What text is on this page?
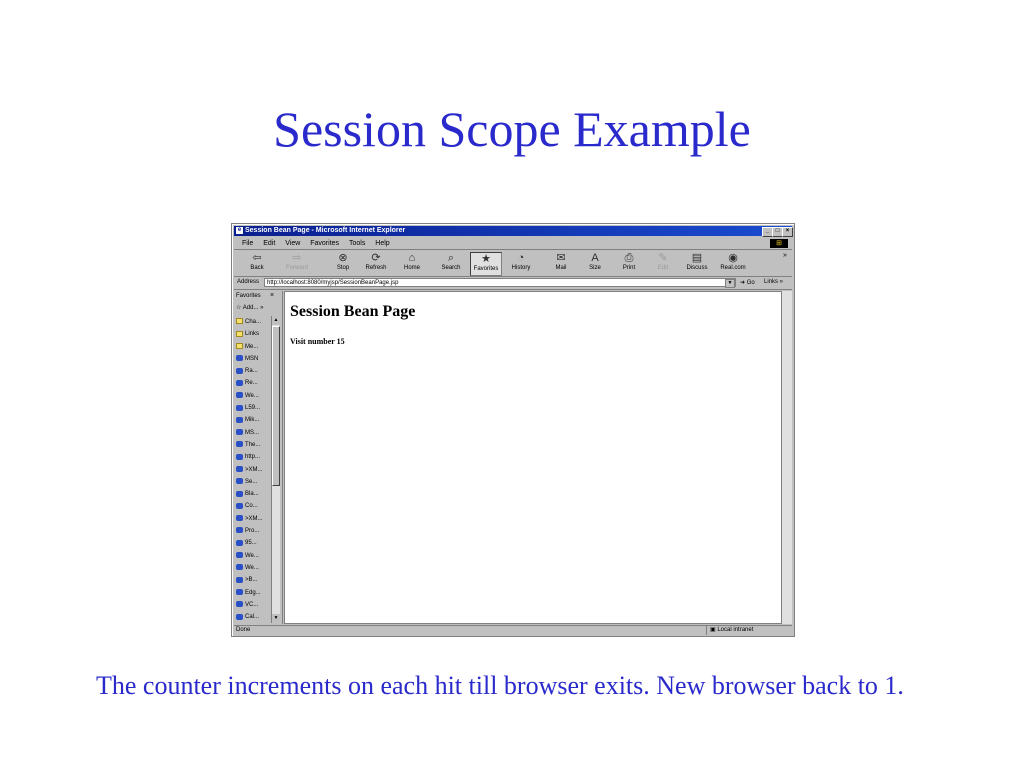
Session Scope Example
e Session Bean Page - Microsoft Internet Explorer	_	□	×
File Edit View Favorites Tools Help	⊞
⇦
Back
⇨
Forward
⊗
Stop
⟳
Refresh
⌂
Home
⌕
Search
★
Favorites
◔
History
✉
Mail
A
Size
⎙
Print
✎
Edit
▤
Discuss
◉
Real.com
»
Address	http://localhost:8080/myjsp/SessionBeanPage.jsp	▼	➜ Go Links »
Favorites ×
☆ Add... »
Cha...
Links
Me...
MSN
Ra...
Re...
We...
L59...
Mik...
MS...
The...
http...
>XM...
Se...
Bla...
Co...
>XM...
Pro...
95...
We...
We...
>B...
Edg...
VC...
Cal...
▲
▼
Session Bean Page
Visit number 15
Done	▣ Local intranet
The counter increments on each hit till browser exits. New browser back to 1.
